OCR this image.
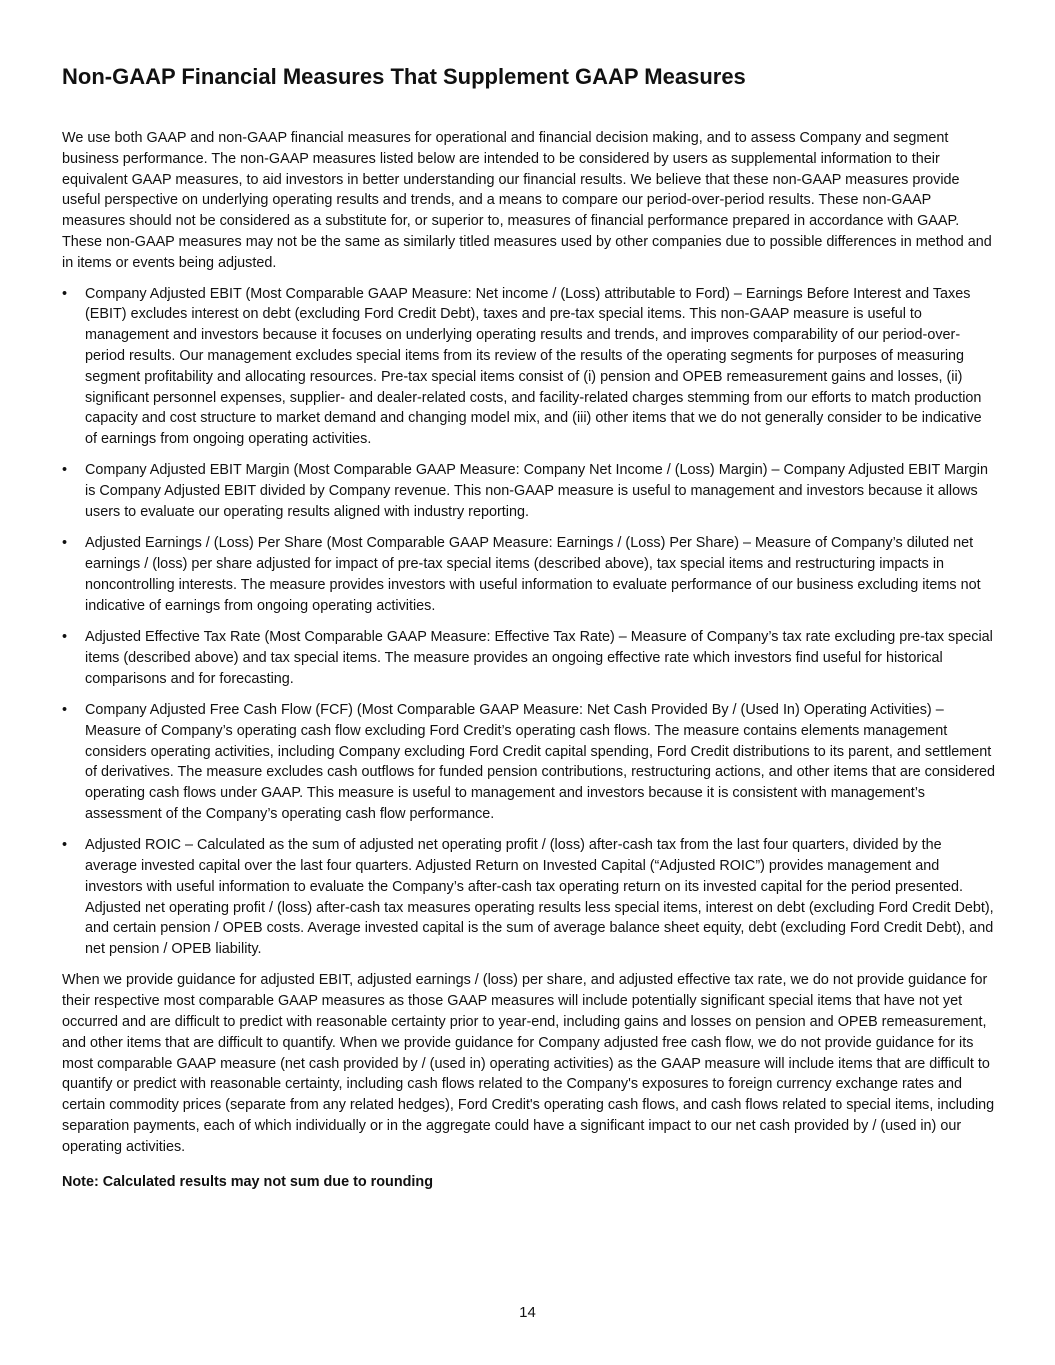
Non-GAAP Financial Measures That Supplement GAAP Measures

We use both GAAP and non-GAAP financial measures for operational and financial decision making, and to assess Company and segment business performance. The non-GAAP measures listed below are intended to be considered by users as supplemental information to their equivalent GAAP measures, to aid investors in better understanding our financial results. We believe that these non-GAAP measures provide useful perspective on underlying operating results and trends, and a means to compare our period-over-period results. These non-GAAP measures should not be considered as a substitute for, or superior to, measures of financial performance prepared in accordance with GAAP. These non-GAAP measures may not be the same as similarly titled measures used by other companies due to possible differences in method and in items or events being adjusted.

• Company Adjusted EBIT (Most Comparable GAAP Measure: Net income / (Loss) attributable to Ford) – Earnings Before Interest and Taxes (EBIT) excludes interest on debt (excluding Ford Credit Debt), taxes and pre-tax special items. This non-GAAP measure is useful to management and investors because it focuses on underlying operating results and trends, and improves comparability of our period-over-period results. Our management excludes special items from its review of the results of the operating segments for purposes of measuring segment profitability and allocating resources. Pre-tax special items consist of (i) pension and OPEB remeasurement gains and losses, (ii) significant personnel expenses, supplier- and dealer-related costs, and facility-related charges stemming from our efforts to match production capacity and cost structure to market demand and changing model mix, and (iii) other items that we do not generally consider to be indicative of earnings from ongoing operating activities.
• Company Adjusted EBIT Margin (Most Comparable GAAP Measure: Company Net Income / (Loss) Margin) – Company Adjusted EBIT Margin is Company Adjusted EBIT divided by Company revenue. This non-GAAP measure is useful to management and investors because it allows users to evaluate our operating results aligned with industry reporting.
• Adjusted Earnings / (Loss) Per Share (Most Comparable GAAP Measure: Earnings / (Loss) Per Share) – Measure of Company’s diluted net earnings / (loss) per share adjusted for impact of pre-tax special items (described above), tax special items and restructuring impacts in noncontrolling interests. The measure provides investors with useful information to evaluate performance of our business excluding items not indicative of earnings from ongoing operating activities.
• Adjusted Effective Tax Rate (Most Comparable GAAP Measure: Effective Tax Rate) – Measure of Company’s tax rate excluding pre-tax special items (described above) and tax special items. The measure provides an ongoing effective rate which investors find useful for historical comparisons and for forecasting.
• Company Adjusted Free Cash Flow (FCF) (Most Comparable GAAP Measure: Net Cash Provided By / (Used In) Operating Activities) – Measure of Company’s operating cash flow excluding Ford Credit’s operating cash flows. The measure contains elements management considers operating activities, including Company excluding Ford Credit capital spending, Ford Credit distributions to its parent, and settlement of derivatives. The measure excludes cash outflows for funded pension contributions, restructuring actions, and other items that are considered operating cash flows under GAAP. This measure is useful to management and investors because it is consistent with management’s assessment of the Company’s operating cash flow performance.
• Adjusted ROIC – Calculated as the sum of adjusted net operating profit / (loss) after-cash tax from the last four quarters, divided by the average invested capital over the last four quarters. Adjusted Return on Invested Capital (“Adjusted ROIC”) provides management and investors with useful information to evaluate the Company’s after-cash tax operating return on its invested capital for the period presented. Adjusted net operating profit / (loss) after-cash tax measures operating results less special items, interest on debt (excluding Ford Credit Debt), and certain pension / OPEB costs. Average invested capital is the sum of average balance sheet equity, debt (excluding Ford Credit Debt), and net pension / OPEB liability.

When we provide guidance for adjusted EBIT, adjusted earnings / (loss) per share, and adjusted effective tax rate, we do not provide guidance for their respective most comparable GAAP measures as those GAAP measures will include potentially significant special items that have not yet occurred and are difficult to predict with reasonable certainty prior to year-end, including gains and losses on pension and OPEB remeasurement, and other items that are difficult to quantify. When we provide guidance for Company adjusted free cash flow, we do not provide guidance for its most comparable GAAP measure (net cash provided by / (used in) operating activities) as the GAAP measure will include items that are difficult to quantify or predict with reasonable certainty, including cash flows related to the Company's exposures to foreign currency exchange rates and certain commodity prices (separate from any related hedges), Ford Credit's operating cash flows, and cash flows related to special items, including separation payments, each of which individually or in the aggregate could have a significant impact to our net cash provided by / (used in) our operating activities.

Note: Calculated results may not sum due to rounding

14
